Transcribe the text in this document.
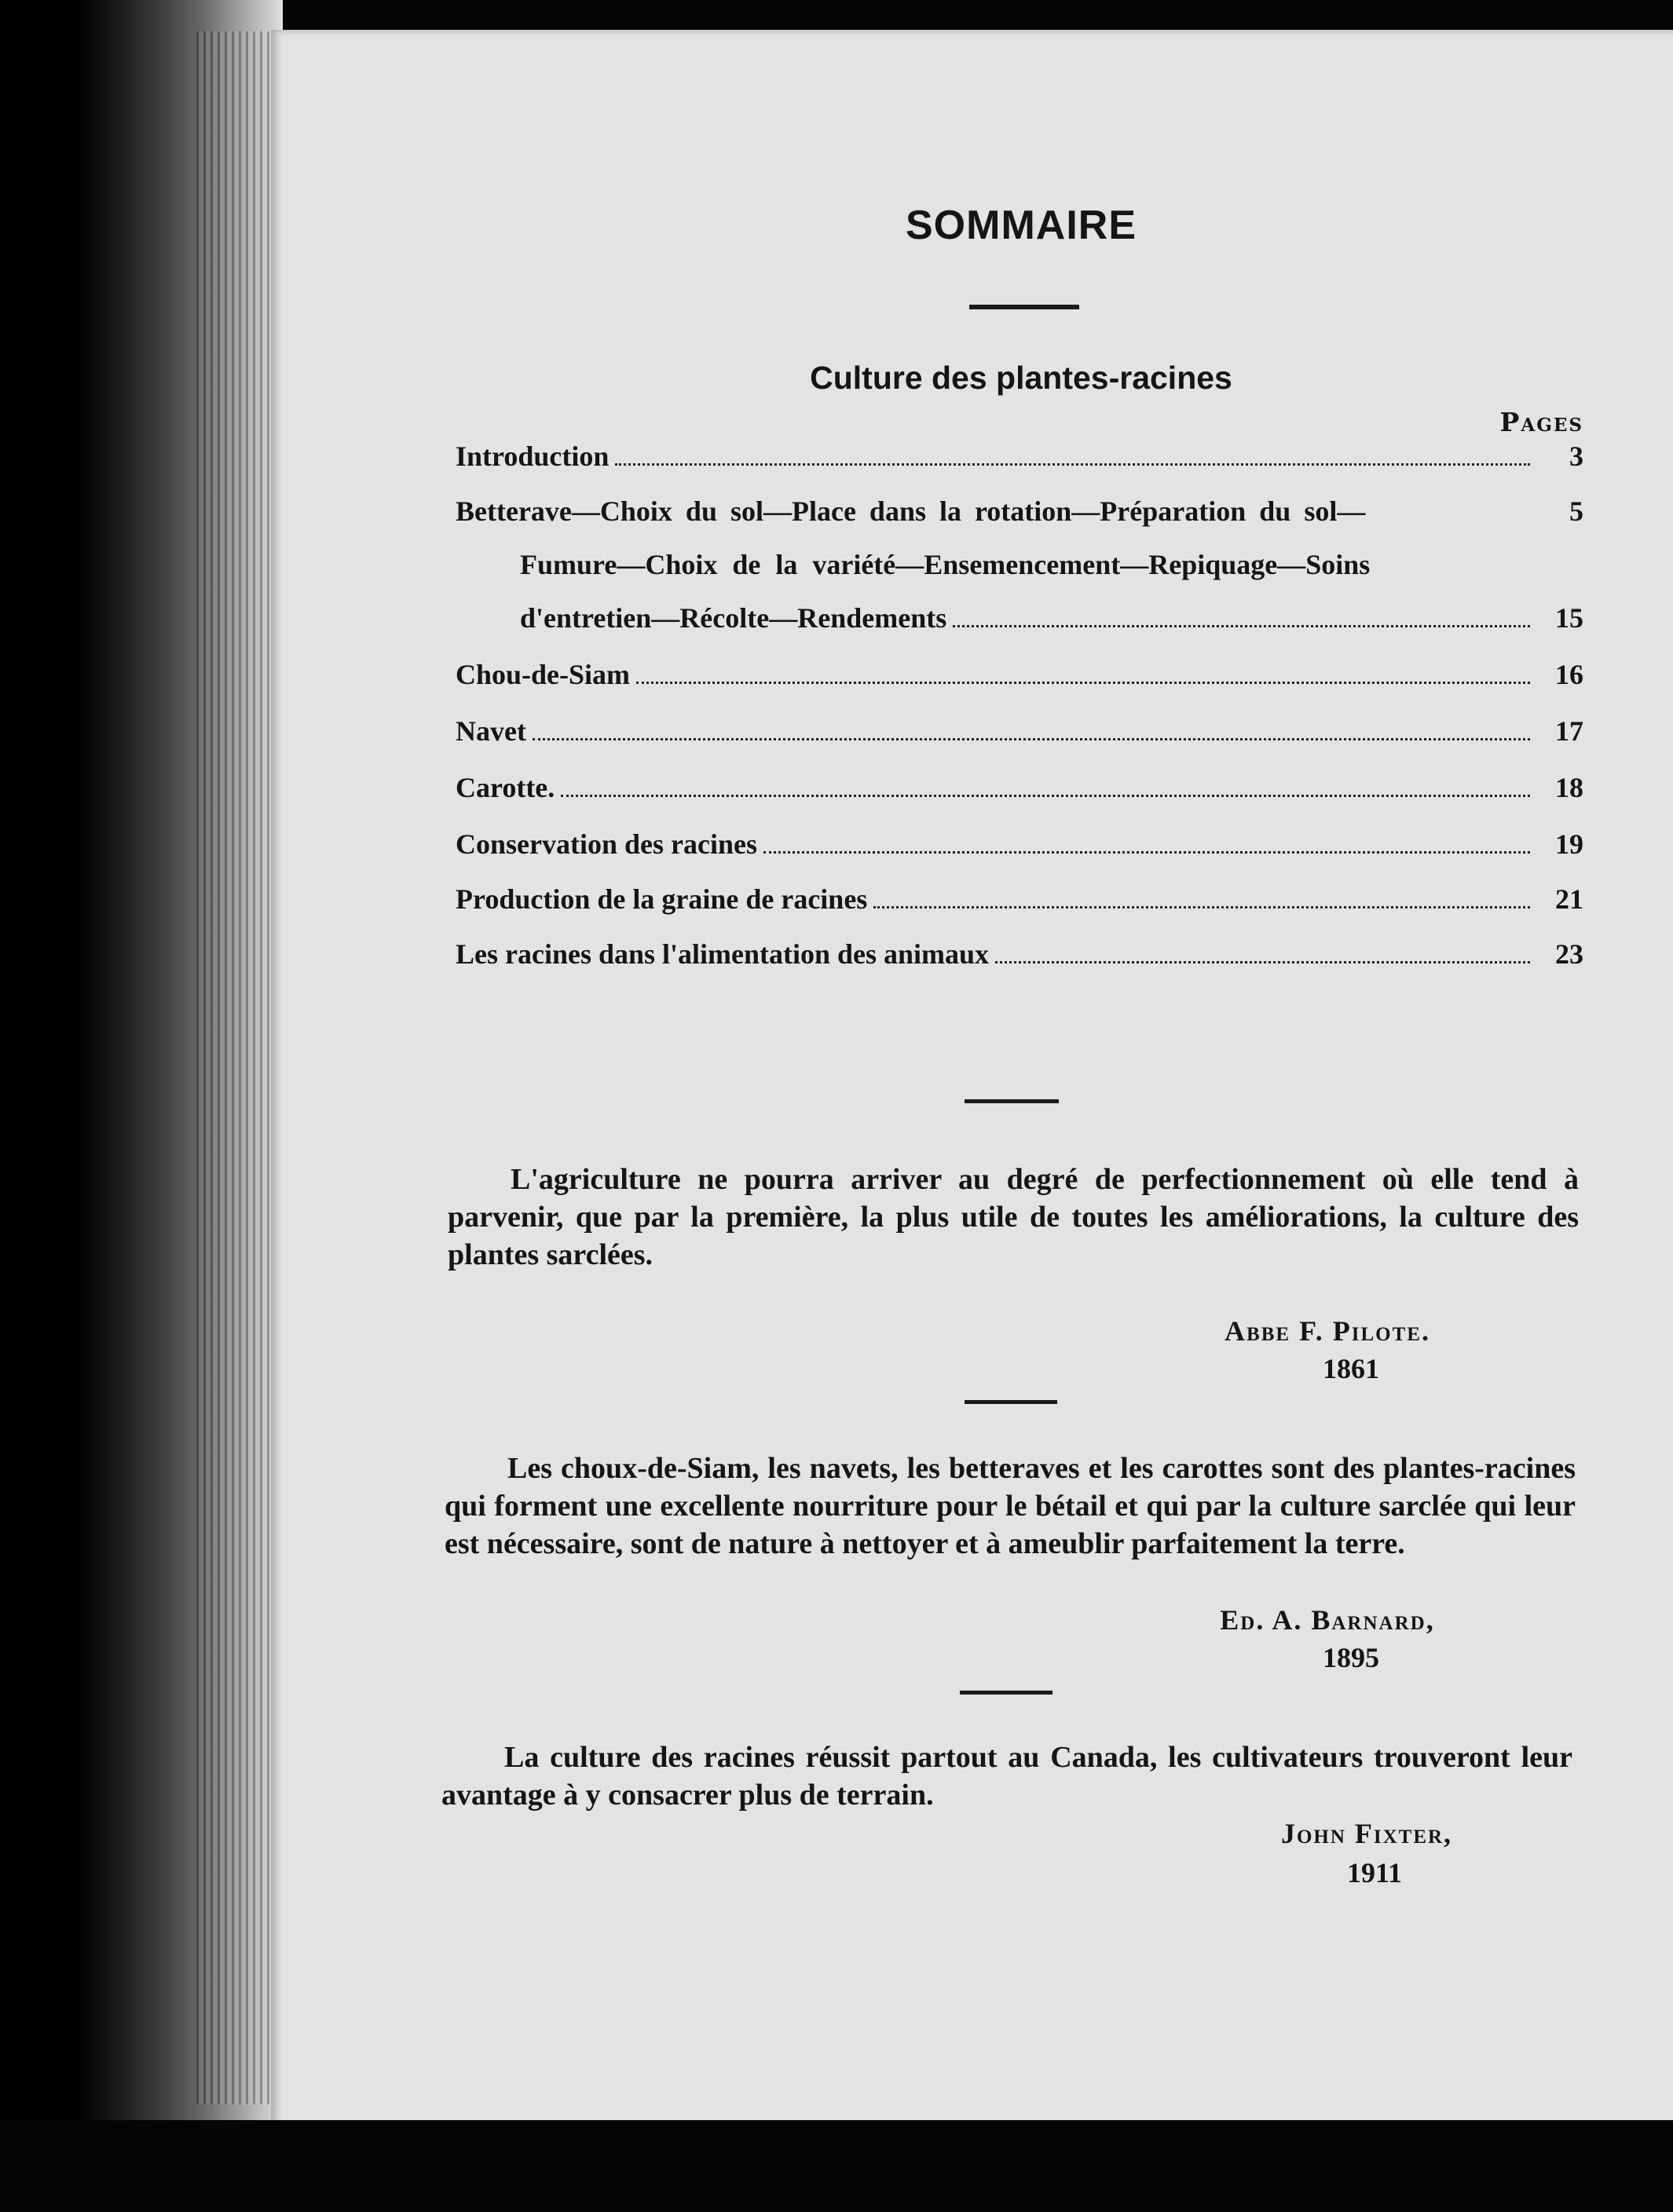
SOMMAIRE
Culture des plantes-racines
Pages
Introduction	3
Betterave—Choix du sol—Place dans la rotation—Préparation du sol—	5
Fumure—Choix de la variété—Ensemencement—Repiquage—Soins
d'entretien—Récolte—Rendements	15
Chou-de-Siam	16
Navet	17
Carotte.	18
Conservation des racines	19
Production de la graine de racines	21
Les racines dans l'alimentation des animaux	23
L'agriculture ne pourra arriver au degré de perfectionnement où elle tend à parvenir, que par la première, la plus utile de toutes les améliorations, la culture des plantes sarclées.
Abbe F. Pilote.
1861
Les choux-de-Siam, les navets, les betteraves et les carottes sont des plantes-racines qui forment une excellente nourriture pour le bétail et qui par la culture sarclée qui leur est nécessaire, sont de nature à nettoyer et à ameublir parfaitement la terre.
Ed. A. Barnard,
1895
La culture des racines réussit partout au Canada, les cultivateurs trouveront leur avantage à y consacrer plus de terrain.
John Fixter,
1911
